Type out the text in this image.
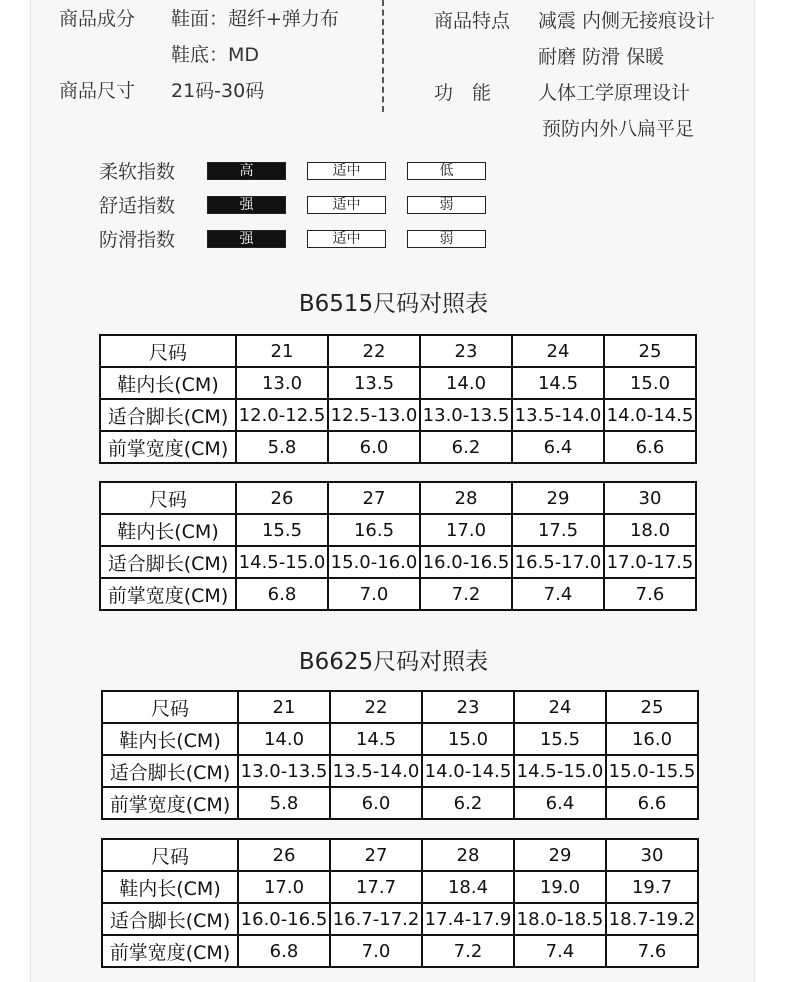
商品成分 鞋面：超纤+弹力布
鞋底：MD
商品尺寸 21码-30码
商品特点 减震 内侧无接痕设计
耐磨 防滑 保暖
功　能 人体工学原理设计
预防内外八扁平足
柔软指数	高	适中	低
舒适指数	强	适中	弱
防滑指数	强	适中	弱
B6515尺码对照表
尺码	21	22	23	24	25
鞋内长(CM)	13.0	13.5	14.0	14.5	15.0
适合脚长(CM)	12.0-12.5	12.5-13.0	13.0-13.5	13.5-14.0	14.0-14.5
前掌宽度(CM)	5.8	6.0	6.2	6.4	6.6
尺码	26	27	28	29	30
鞋内长(CM)	15.5	16.5	17.0	17.5	18.0
适合脚长(CM)	14.5-15.0	15.0-16.0	16.0-16.5	16.5-17.0	17.0-17.5
前掌宽度(CM)	6.8	7.0	7.2	7.4	7.6
B6625尺码对照表
尺码	21	22	23	24	25
鞋内长(CM)	14.0	14.5	15.0	15.5	16.0
适合脚长(CM)	13.0-13.5	13.5-14.0	14.0-14.5	14.5-15.0	15.0-15.5
前掌宽度(CM)	5.8	6.0	6.2	6.4	6.6
尺码	26	27	28	29	30
鞋内长(CM)	17.0	17.7	18.4	19.0	19.7
适合脚长(CM)	16.0-16.5	16.7-17.2	17.4-17.9	18.0-18.5	18.7-19.2
前掌宽度(CM)	6.8	7.0	7.2	7.4	7.6
